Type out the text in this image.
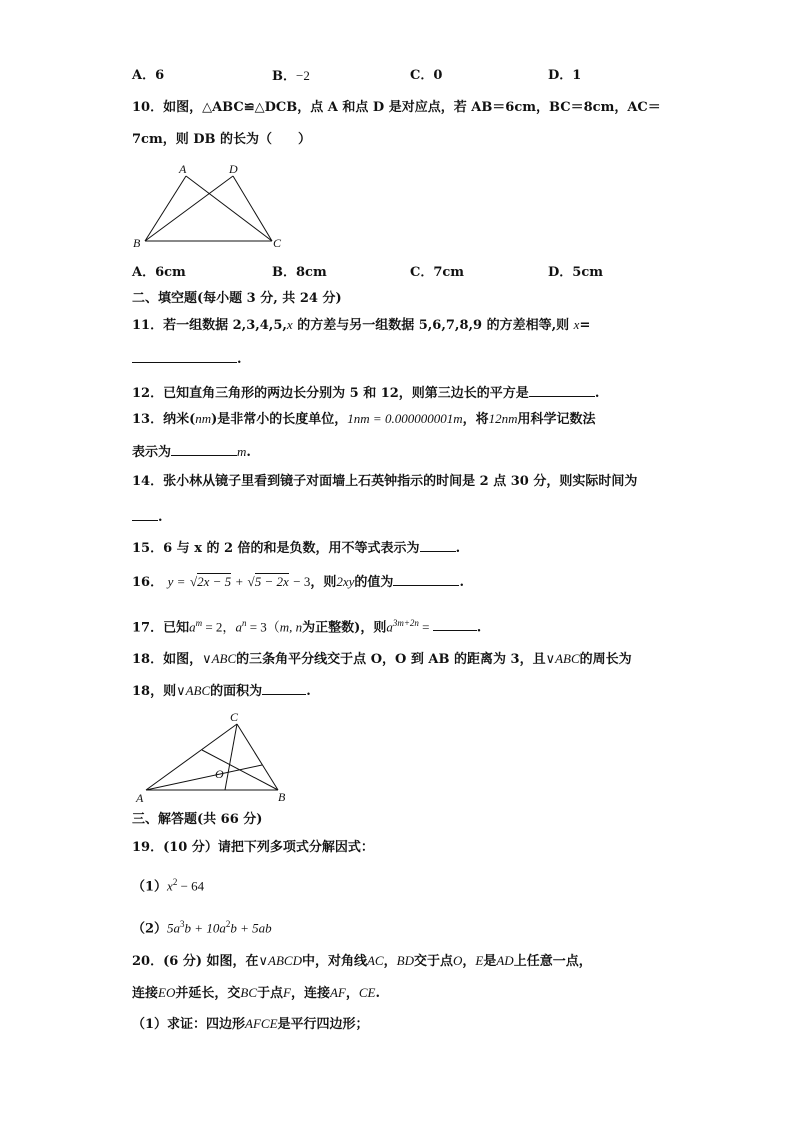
A．6	B．−2	C．0	D．1
10．如图，△ABC≌△DCB，点 A 和点 D 是对应点，若 AB＝6cm，BC＝8cm，AC＝
7cm，则 DB 的长为（　　）
A	D
B	C
A．6cm	B．8cm	C．7cm	D．5cm
二、填空题(每小题 3 分, 共 24 分)
11．若一组数据 2,3,4,5,x 的方差与另一组数据 5,6,7,8,9 的方差相等,则 x=
.
12．已知直角三角形的两边长分别为 5 和 12，则第三边长的平方是	.
13．纳米(nm)是非常小的长度单位，1nm = 0.000000001m，将12nm用科学记数法
表示为	m.
14．张小林从镜子里看到镜子对面墙上石英钟指示的时间是 2 点 30 分，则实际时间为
.
15．6 与 x 的 2 倍的和是负数，用不等式表示为	.
16． y = √2x − 5 + √5 − 2x − 3，则2xy的值为	.
17．已知$a^m = 2$，$a^n = 3(m$, n为正整数)，则$a^{3m+2n}$ =	.
18．如图，∨ABC的三条角平分线交于点 O，O 到 AB 的距离为 3，且∨ABC的周长为
18，则∨ABC的面积为	.
C
O
A	B
三、解答题(共 66 分)
19．(10 分）请把下列多项式分解因式：
$(1)x^2 - 64$
$(2)5a^3b + 10a^2b + 5ab$
20．(6 分) 如图，在∨ABCD中，对角线AC，BD交于点O，E是AD上任意一点，
连接EO并延长，交BC于点F，连接AF，CE.
（1）求证：四边形AFCE是平行四边形；
